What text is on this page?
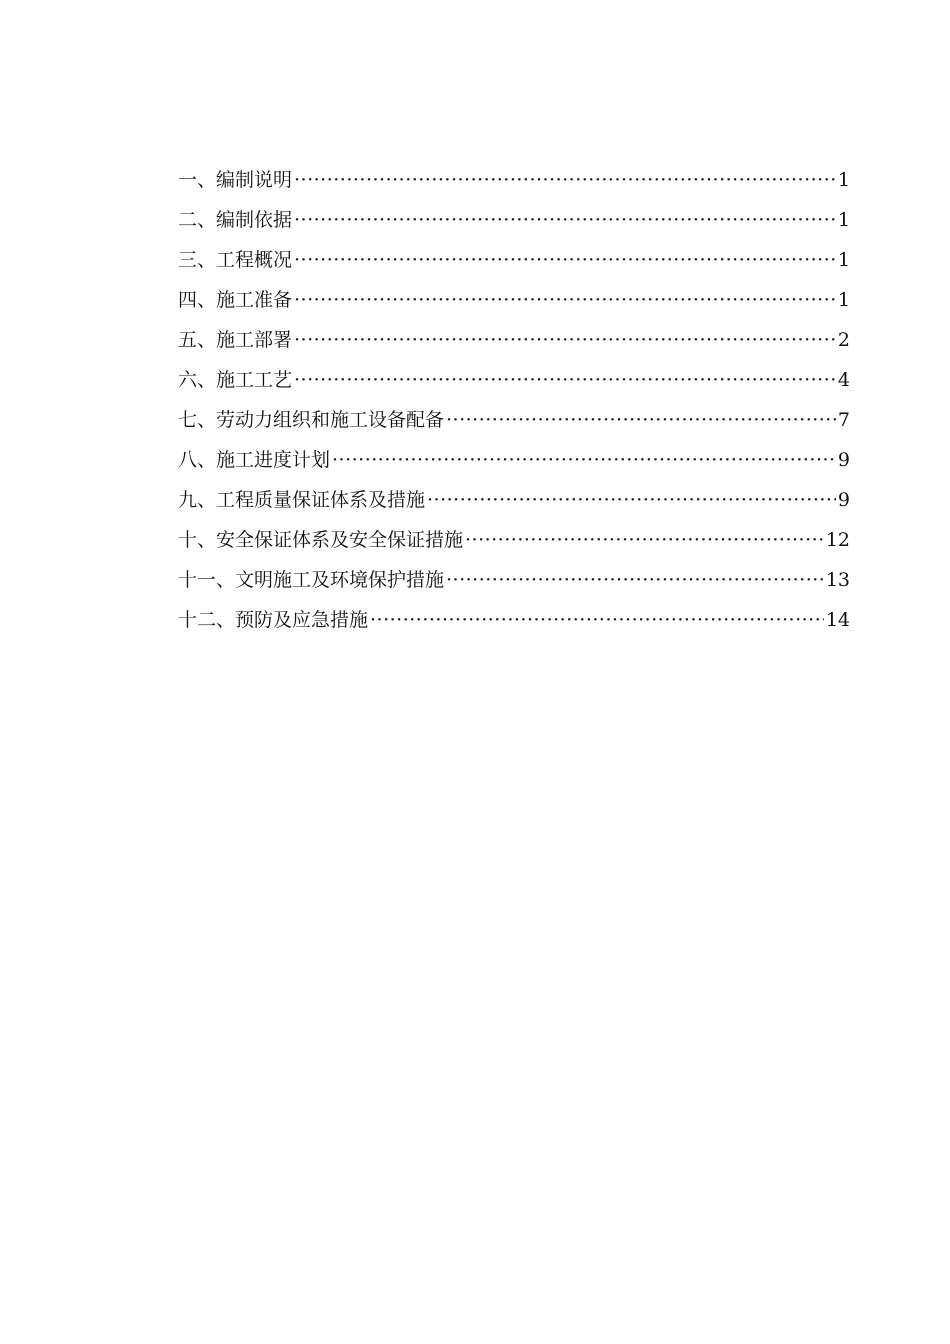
一、编制说明 ·····	1
二、编制依据 ·····	1
三、工程概况 ·····	1
四、施工准备 ·····	1
五、施工部署 ·····	2
六、施工工艺 ·····	4
七、劳动力组织和施工设备配备 ·····	7
八、施工进度计划 ·····	9
九、工程质量保证体系及措施 ·····	9
十、安全保证体系及安全保证措施 ·····	12
十一、文明施工及环境保护措施 ·····	13
十二、预防及应急措施 ·····	14
